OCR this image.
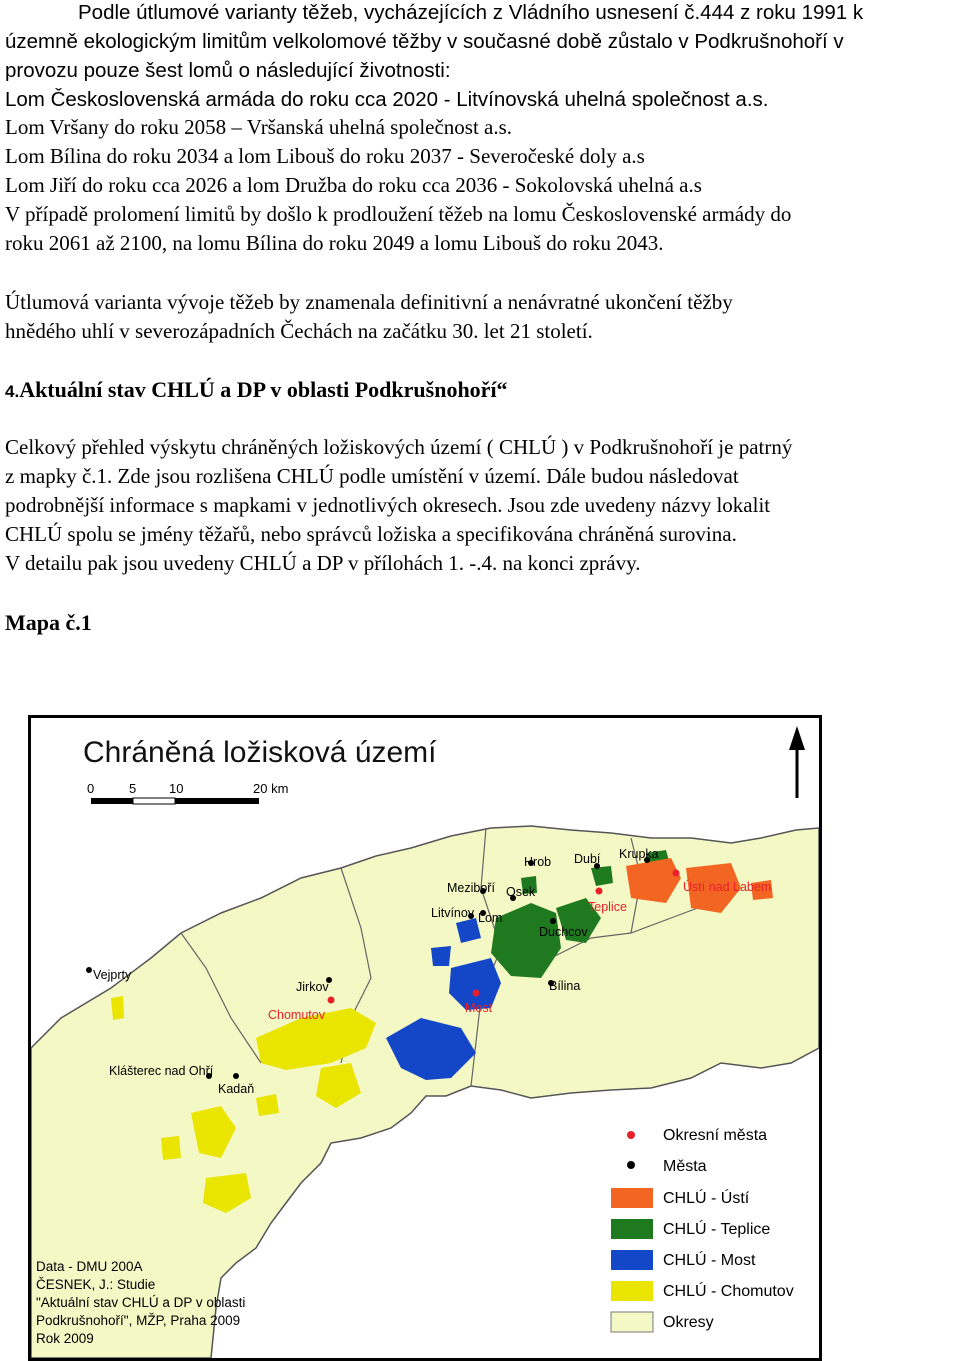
Podle útlumové varianty těžeb, vycházejících z Vládního usnesení č.444 z roku 1991 k
územně ekologickým limitům velkolomové těžby v současné době zůstalo v Podkrušnohoří v
provozu pouze šest lomů o následující životnosti:
Lom Československá armáda do roku cca 2020 - Litvínovská uhelná společnost a.s.
Lom Vršany do roku 2058 – Vršanská uhelná společnost a.s.
Lom Bílina do roku 2034 a lom Libouš do roku 2037 - Severočeské doly a.s
Lom Jiří do roku cca 2026 a lom Družba do roku cca 2036 - Sokolovská uhelná a.s
V případě prolomení limitů by došlo k prodloužení těžeb na lomu Československé armády do
roku 2061 až 2100, na lomu Bílina do roku 2049 a lomu Libouš do roku 2043.
Útlumová varianta vývoje těžeb by znamenala definitivní a nenávratné ukončení těžby
hnědého uhlí v severozápadních Čechách na začátku 30. let 21 století.
4.Aktuální stav CHLÚ a DP v oblasti Podkrušnohoří“
Celkový přehled výskytu chráněných ložiskových území ( CHLÚ ) v Podkrušnohoří je patrný
z mapky č.1. Zde jsou rozlišena CHLÚ podle umístění v území. Dále budou následovat
podrobnější informace s mapkami v jednotlivých okresech. Jsou zde uvedeny názvy lokalit
CHLÚ spolu se jmény těžařů, nebo správců ložiska a specifikována chráněná surovina.
V detailu pak jsou uvedeny CHLÚ a DP v přílohách 1. -.4. na konci zprávy.
Mapa č.1
Chráněná ložisková území
0	5	10	20 km
Ústí nad Labem
Teplice
Chomutov	Most
Hrob Dubí Krupka
Meziboří Osek
Litvínov Lom
Duchcov
Bílina
Vejprty
Jirkov
Klášterec nad Ohří
Kadaň
Okresní města
Města
CHLÚ - Ústí
CHLÚ - Teplice
CHLÚ - Most
CHLÚ - Chomutov
Okresy
Data - DMU 200A
ČESNEK, J.: Studie
"Aktuální stav CHLÚ a DP v oblasti
Podkrušnohoří", MŽP, Praha 2009
Rok 2009
